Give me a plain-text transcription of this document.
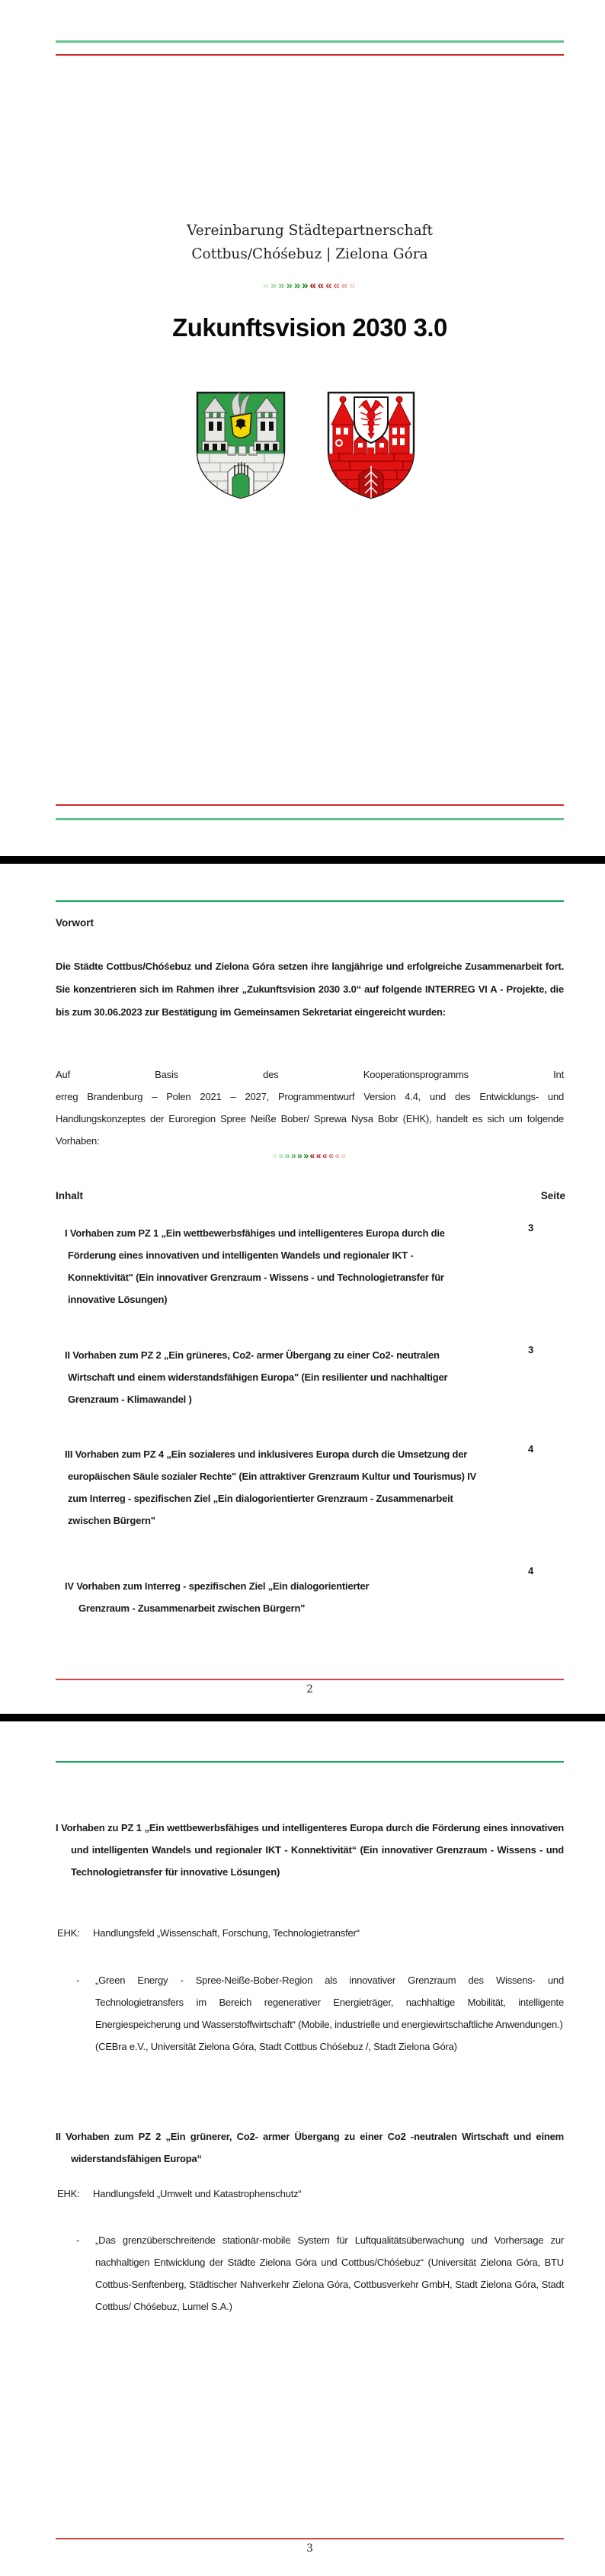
Vereinbarung Städtepartnerschaft
Cottbus/Chóśebuz | Zielona Góra
»»»»»»««««««
Zukunftsvision 2030 3.0
Vorwort
Die Städte Cottbus/Chóśebuz und Zielona Góra setzen ihre langjährige und erfolgreiche Zusammenarbeit fort. Sie konzentrieren sich im Rahmen ihrer „Zukunftsvision 2030 3.0“ auf folgende INTERREG VI A - Projekte, die bis zum 30.06.2023 zur Bestätigung im Gemeinsamen Sekretariat eingereicht wurden:
Auf Basis des Kooperationsprogramms Int
erreg Brandenburg – Polen 2021 – 2027, Programmentwurf Version 4.4, und des Entwicklungs- und Handlungskonzeptes der Euroregion Spree Neiße Bober/ Sprewa Nysa Bobr (EHK), handelt es sich um folgende Vorhaben:
»»»»»»««««««
Inhalt	Seite
I Vorhaben zum PZ 1 „Ein wettbewerbsfähiges und intelligenteres Europa durch die Förderung eines innovativen und intelligenten Wandels und regionaler IKT - Konnektivität" (Ein innovativer Grenzraum - Wissens - und Technologietransfer für innovative Lösungen)
3
II Vorhaben zum PZ 2 „Ein grüneres, Co2- armer Übergang zu einer Co2- neutralen Wirtschaft und einem widerstandsfähigen Europa" (Ein resilienter und nachhaltiger Grenzraum - Klimawandel )
3
III Vorhaben zum PZ 4 „Ein sozialeres und inklusiveres Europa durch die Umsetzung der europäischen Säule sozialer Rechte" (Ein attraktiver Grenzraum Kultur und Tourismus) IV zum Interreg - spezifischen Ziel „Ein dialogorientierter Grenzraum - Zusammenarbeit zwischen Bürgern"
4
4
IV Vorhaben zum Interreg - spezifischen Ziel „Ein dialogorientierter
Grenzraum - Zusammenarbeit zwischen Bürgern"
2
I Vorhaben zu PZ 1 „Ein wettbewerbsfähiges und intelligenteres Europa durch die Förderung eines innovativen und intelligenten Wandels und regionaler IKT - Konnektivität“ (Ein innovativer Grenzraum - Wissens - und Technologietransfer für innovative Lösungen)
EHK: Handlungsfeld „Wissenschaft, Forschung, Technologietransfer“
- „Green Energy - Spree-Neiße-Bober-Region als innovativer Grenzraum des Wissens- und Technologietransfers im Bereich regenerativer Energieträger, nachhaltige Mobilität, intelligente Energiespeicherung und Wasserstoffwirtschaft“ (Mobile, industrielle und energiewirtschaftliche Anwendungen.)

(CEBra e.V., Universität Zielona Góra, Stadt Cottbus Chóśebuz /, Stadt Zielona Góra)

II Vorhaben zum PZ 2 „Ein grünerer, Co2- armer Übergang zu einer Co2 -neutralen Wirtschaft und einem widerstandsfähigen Europa“
EHK: Handlungsfeld „Umwelt und Katastrophenschutz“
- „Das grenzüberschreitende stationär-mobile System für Luftqualitätsüberwachung und Vorhersage zur nachhaltigen Entwicklung der Städte Zielona Góra und Cottbus/Chóśebuz“ (Universität Zielona Góra, BTU Cottbus-Senftenberg, Städtischer Nahverkehr Zielona Góra, Cottbusverkehr GmbH, Stadt Zielona Góra, Stadt Cottbus/ Chóśebuz, Lumel S.A.)

3
